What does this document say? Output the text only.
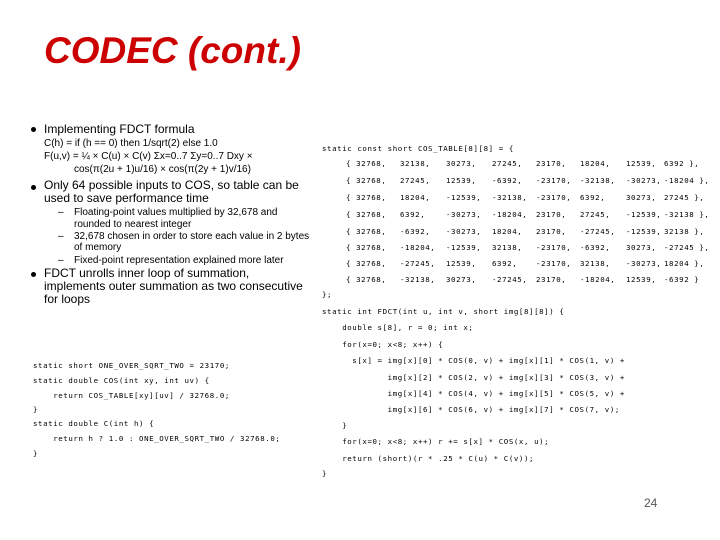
CODEC (cont.)
Implementing FDCT formula
C(h) = if (h == 0) then 1/sqrt(2) else 1.0
F(u,v) = ¼ × C(u) × C(v) Σx=0..7 Σy=0..7 Dxy ×
cos(π(2u + 1)u/16) × cos(π(2y + 1)v/16)
Only 64 possible inputs to COS, so table can be
used to save performance time
– Floating-point values multiplied by 32,678 and
rounded to nearest integer
– 32,678 chosen in order to store each value in 2 bytes
of memory
– Fixed-point representation explained more later
FDCT unrolls inner loop of summation,
implements outer summation as two consecutive
for loops
static short ONE_OVER_SQRT_TWO = 23170;
static double COS(int xy, int uv) {
return COS_TABLE[xy][uv] / 32768.0;
}
static double C(int h) {
return h ? 1.0 : ONE_OVER_SQRT_TWO / 32768.0;
}
static const short COS_TABLE[8][8] = {
{ 32768, 32138, 30273, 27245, 23170, 18204, 12539, 6392 },
{ 32768, 27245, 12539, -6392, -23170, -32138, -30273, -18204 },
{ 32768, 18204, -12539, -32138, -23170, 6392,	30273, 27245 },
{ 32768, 6392,	-30273, -18204, 23170, 27245, -12539, -32138 },
{ 32768, -6392, -30273, 18204, 23170, -27245, -12539, 32138 },
{ 32768, -18204, -12539, 32138, -23170, -6392, 30273, -27245 },
{ 32768, -27245, 12539, 6392,	-23170, 32138, -30273, 18204 },
{ 32768, -32138, 30273, -27245, 23170, -18204, 12539, -6392 }
};
static int FDCT(int u, int v, short img[8][8]) {
double s[8], r = 0; int x;
for(x=0; x<8; x++) {
s[x] = img[x][0] * COS(0, v) + img[x][1] * COS(1, v) +
img[x][2] * COS(2, v) + img[x][3] * COS(3, v) +
img[x][4] * COS(4, v) + img[x][5] * COS(5, v) +
img[x][6] * COS(6, v) + img[x][7] * COS(7, v);
}
for(x=0; x<8; x++) r += s[x] * COS(x, u);
return (short)(r * .25 * C(u) * C(v));
}
24
